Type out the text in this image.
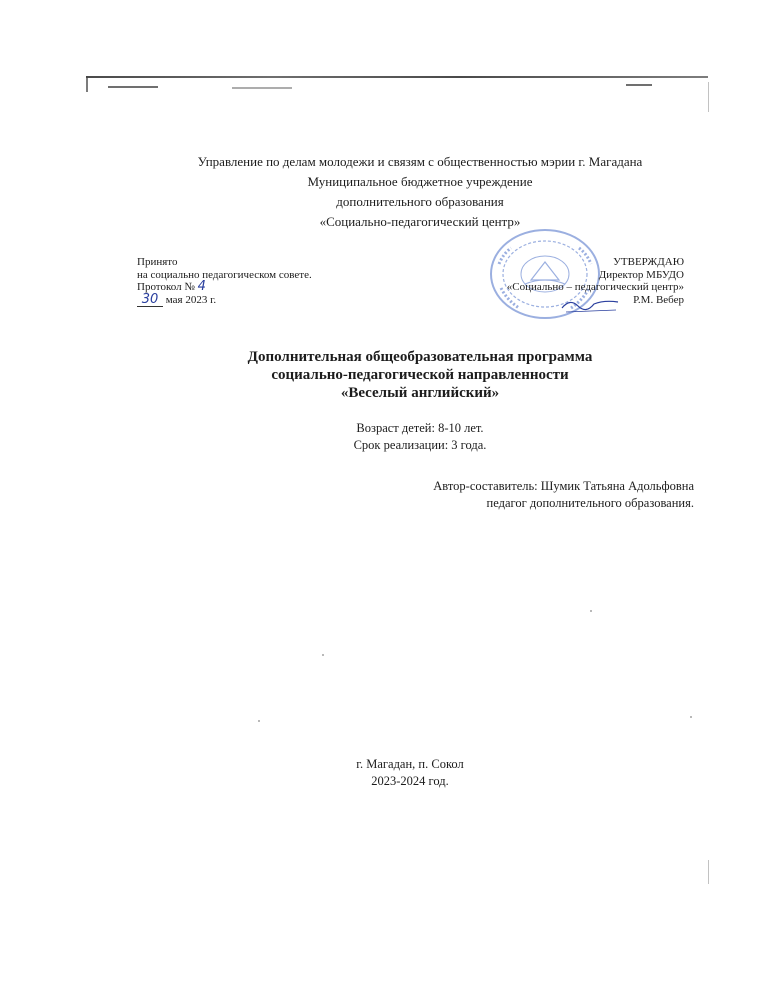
Управление по делам молодежи и связям с общественностью мэрии г. Магадана
Муниципальное бюджетное учреждение
дополнительного образования
«Социально-педагогический центр»
Принято
на социально педагогическом совете.
Протокол № 4
30 мая 2023 г.
УТВЕРЖДАЮ
Директор МБУДО
«Социально – педагогический центр»
Р.М. Вебер
Дополнительная общеобразовательная программа
социально-педагогической направленности
«Веселый английский»
Возраст детей: 8-10 лет.
Срок реализации: 3 года.
Автор-составитель: Шумик Татьяна Адольфовна
педагог дополнительного образования.
г. Магадан, п. Сокол
2023-2024 год.
